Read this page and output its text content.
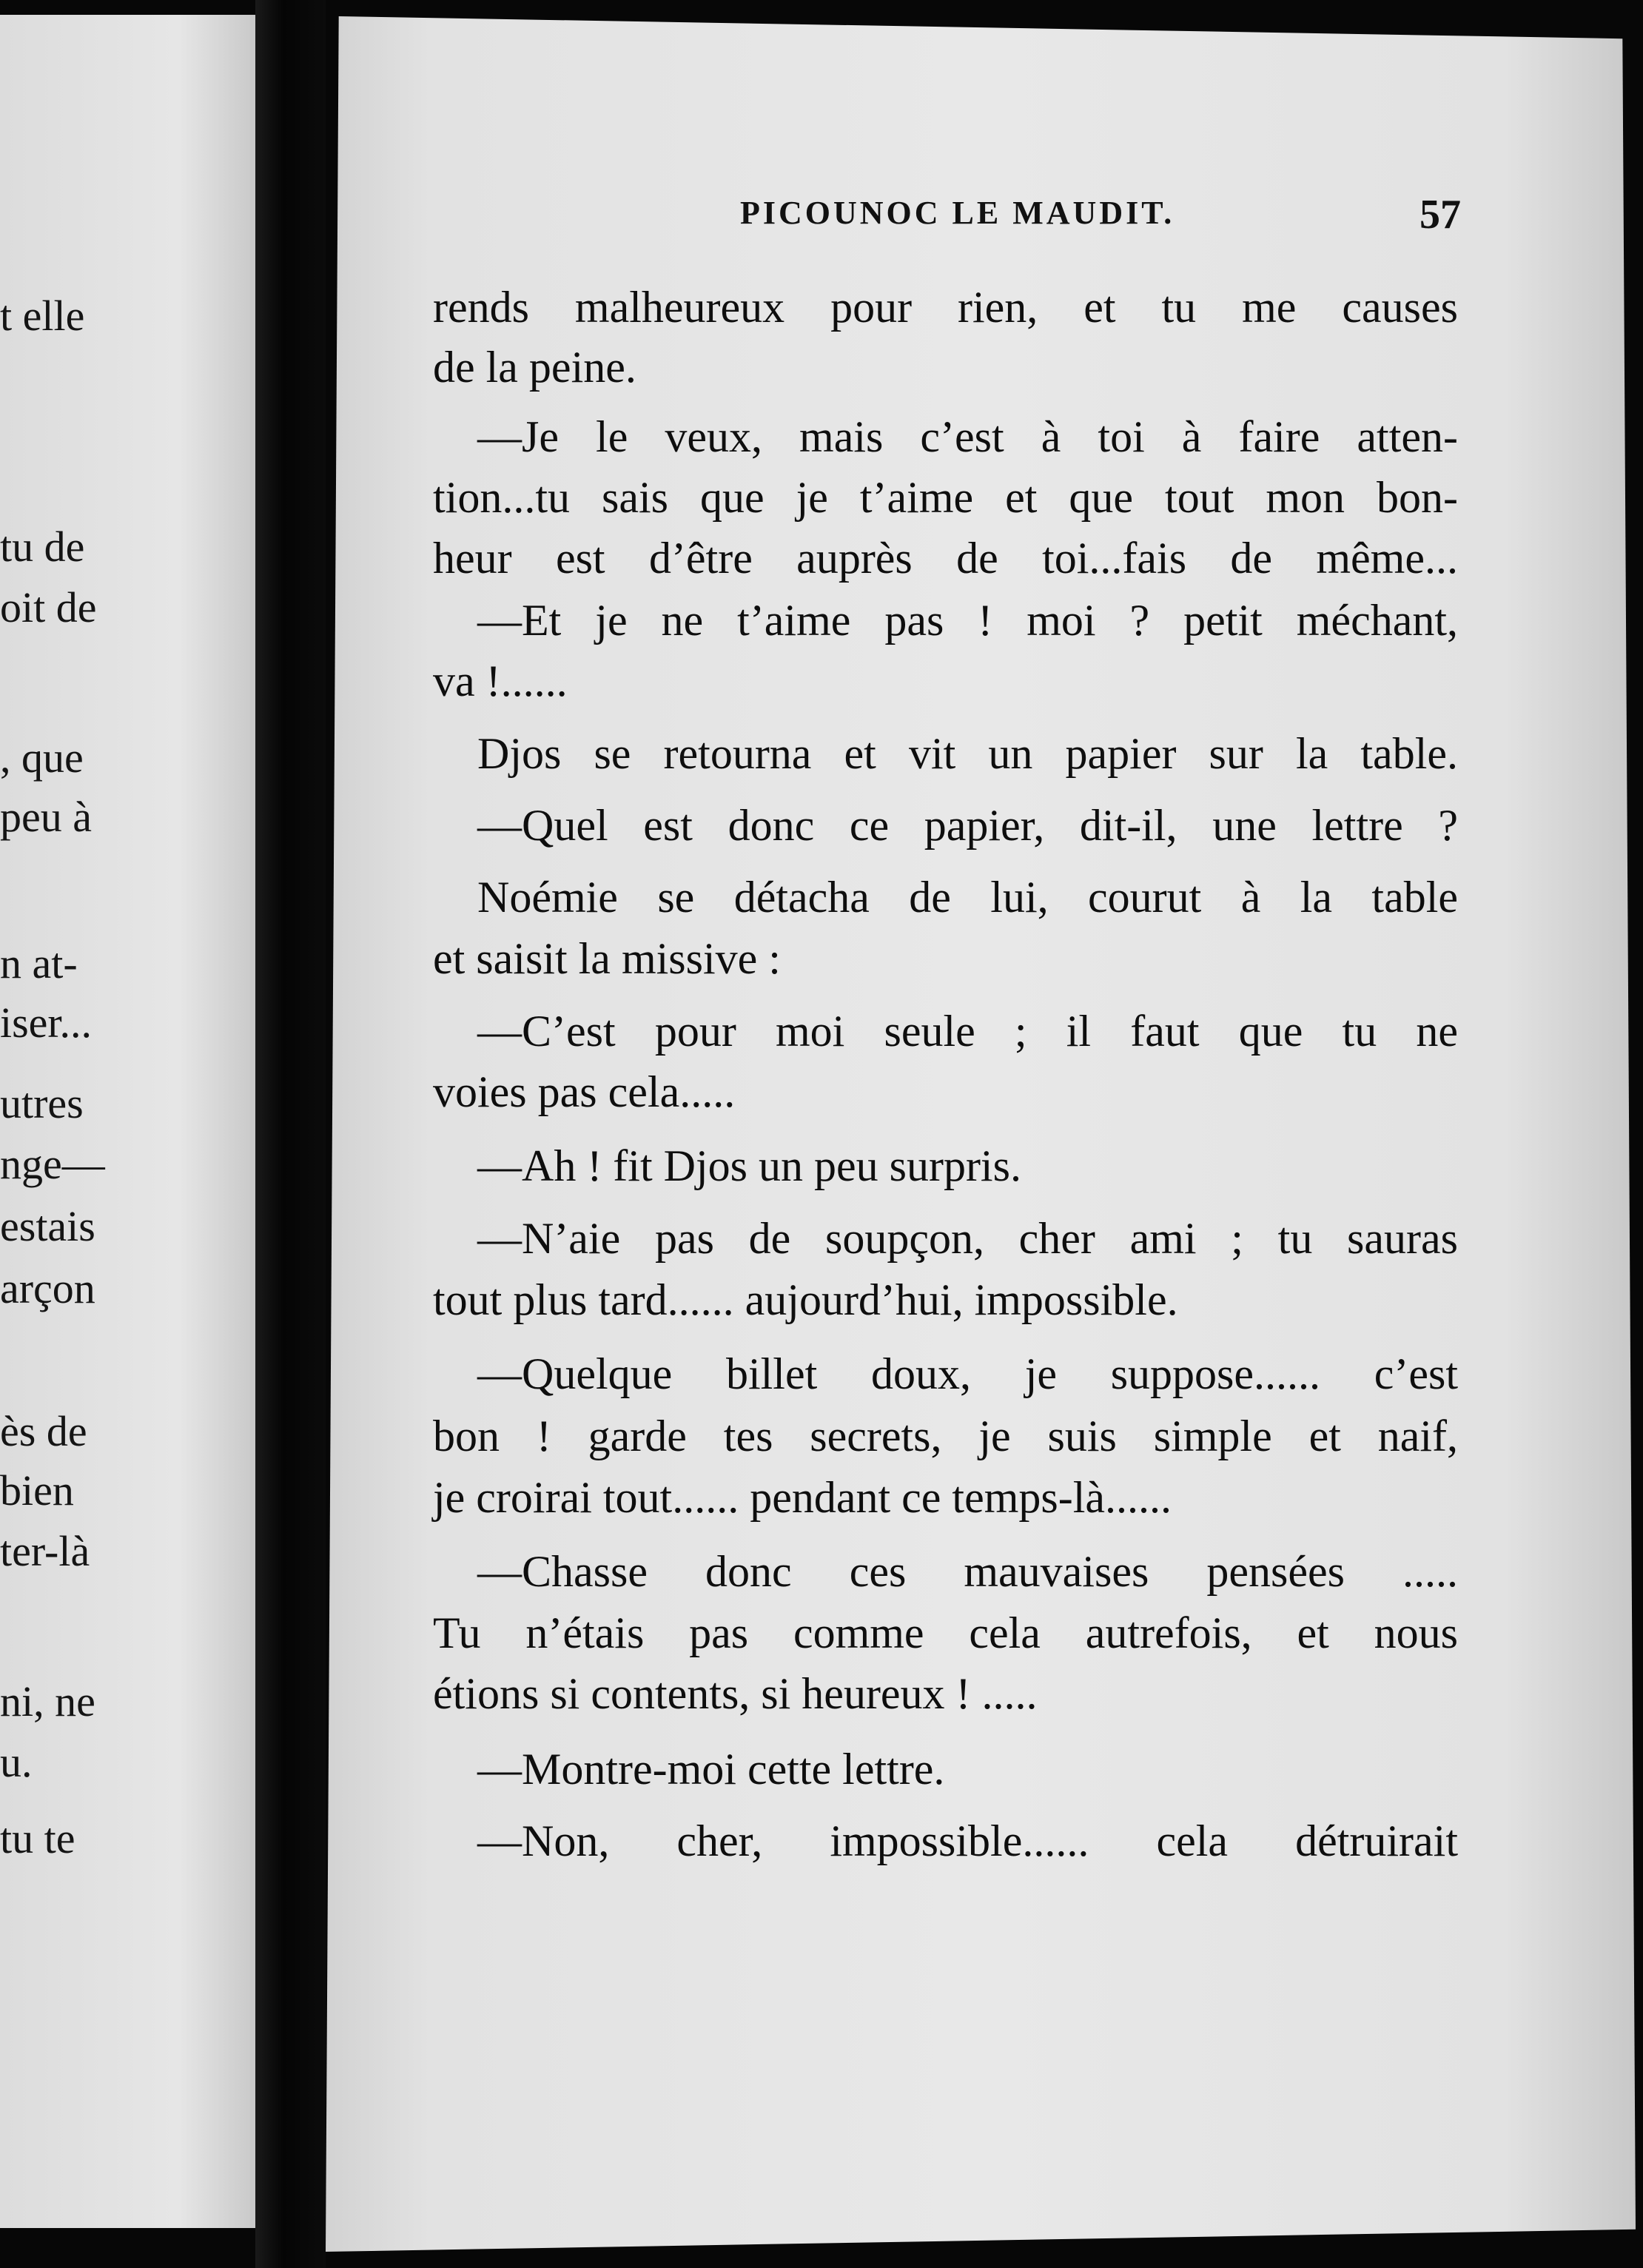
t elle
tu de
oit de
, que
peu à
n at-
iser...
utres
nge—
estais
arçon
ès de
bien
ter-là
ni, ne
u.
tu te
PICOUNOC LE MAUDIT.	57
rends malheureux pour rien, et tu me causes
de la peine.
—Je le veux, mais c’est à toi à faire atten-
tion...tu sais que je t’aime et que tout mon bon-
heur est d’être auprès de toi...fais de même...
—Et je ne t’aime pas ! moi ? petit méchant,
va !......
Djos se retourna et vit un papier sur la table.
—Quel est donc ce papier, dit-il, une lettre ?
Noémie se détacha de lui, courut à la table
et saisit la missive :
—C’est pour moi seule ; il faut que tu ne
voies pas cela.....
—Ah ! fit Djos un peu surpris.
—N’aie pas de soupçon, cher ami ; tu sauras
tout plus tard...... aujourd’hui, impossible.
—Quelque billet doux, je suppose...... c’est
bon ! garde tes secrets, je suis simple et naif,
je croirai tout...... pendant ce temps-là......
—Chasse donc ces mauvaises pensées .....
Tu n’étais pas comme cela autrefois, et nous
étions si contents, si heureux ! .....
—Montre-moi cette lettre.
—Non, cher, impossible...... cela détruirait
